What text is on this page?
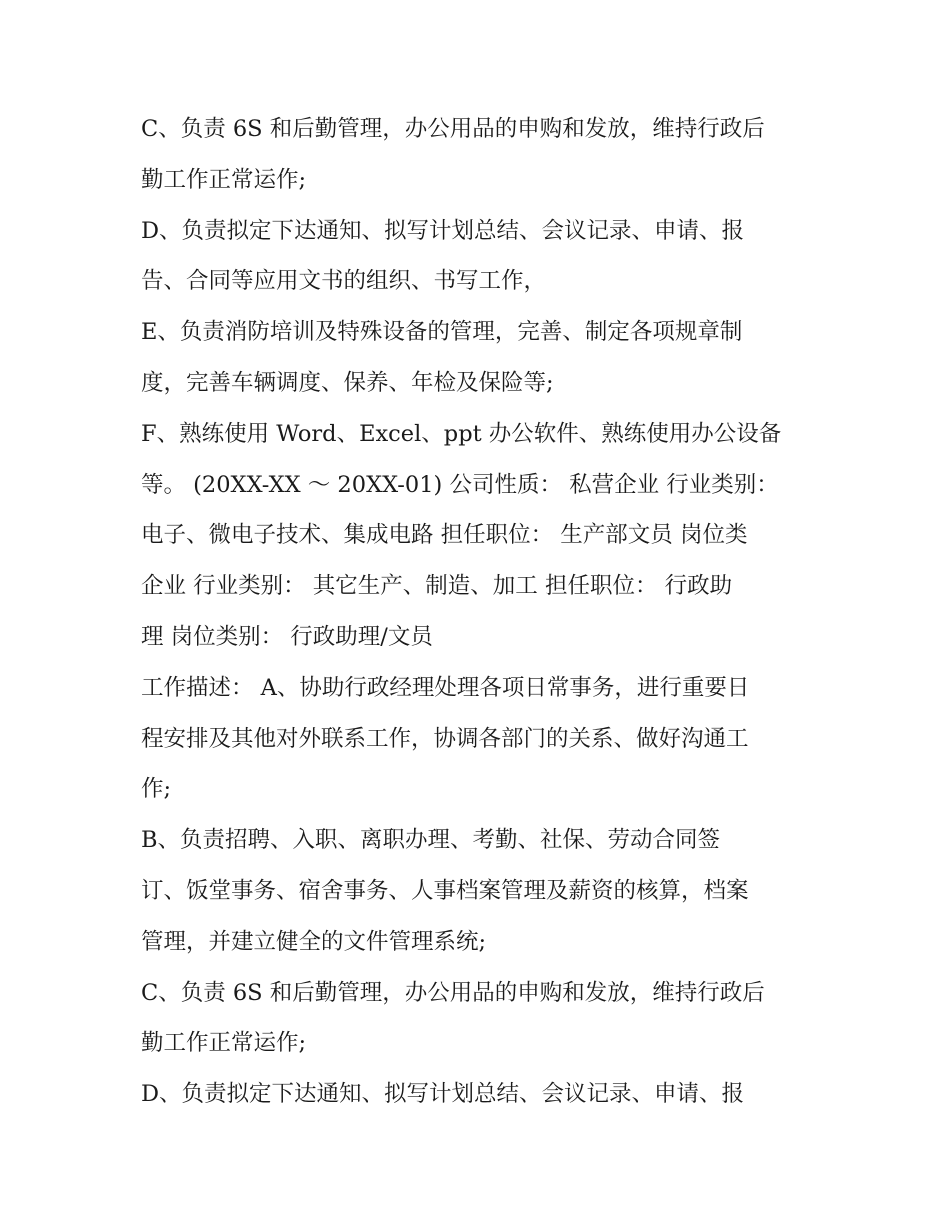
C、负责 6S 和后勤管理，办公用品的申购和发放，维持行政后
勤工作正常运作;
D、负责拟定下达通知、拟写计划总结、会议记录、申请、报
告、合同等应用文书的组织、书写工作，
E、负责消防培训及特殊设备的管理，完善、制定各项规章制
度，完善车辆调度、保养、年检及保险等;
F、熟练使用 Word、Excel、ppt 办公软件、熟练使用办公设备
等。 (20XX-XX ～ 20XX-01) 公司性质： 私营企业 行业类别：
电子、微电子技术、集成电路 担任职位： 生产部文员 岗位类
企业 行业类别： 其它生产、制造、加工 担任职位： 行政助
理 岗位类别： 行政助理/文员
工作描述： A、协助行政经理处理各项日常事务，进行重要日
程安排及其他对外联系工作，协调各部门的关系、做好沟通工
作;
B、负责招聘、入职、离职办理、考勤、社保、劳动合同签
订、饭堂事务、宿舍事务、人事档案管理及薪资的核算，档案
管理，并建立健全的文件管理系统;
C、负责 6S 和后勤管理，办公用品的申购和发放，维持行政后
勤工作正常运作;
D、负责拟定下达通知、拟写计划总结、会议记录、申请、报
